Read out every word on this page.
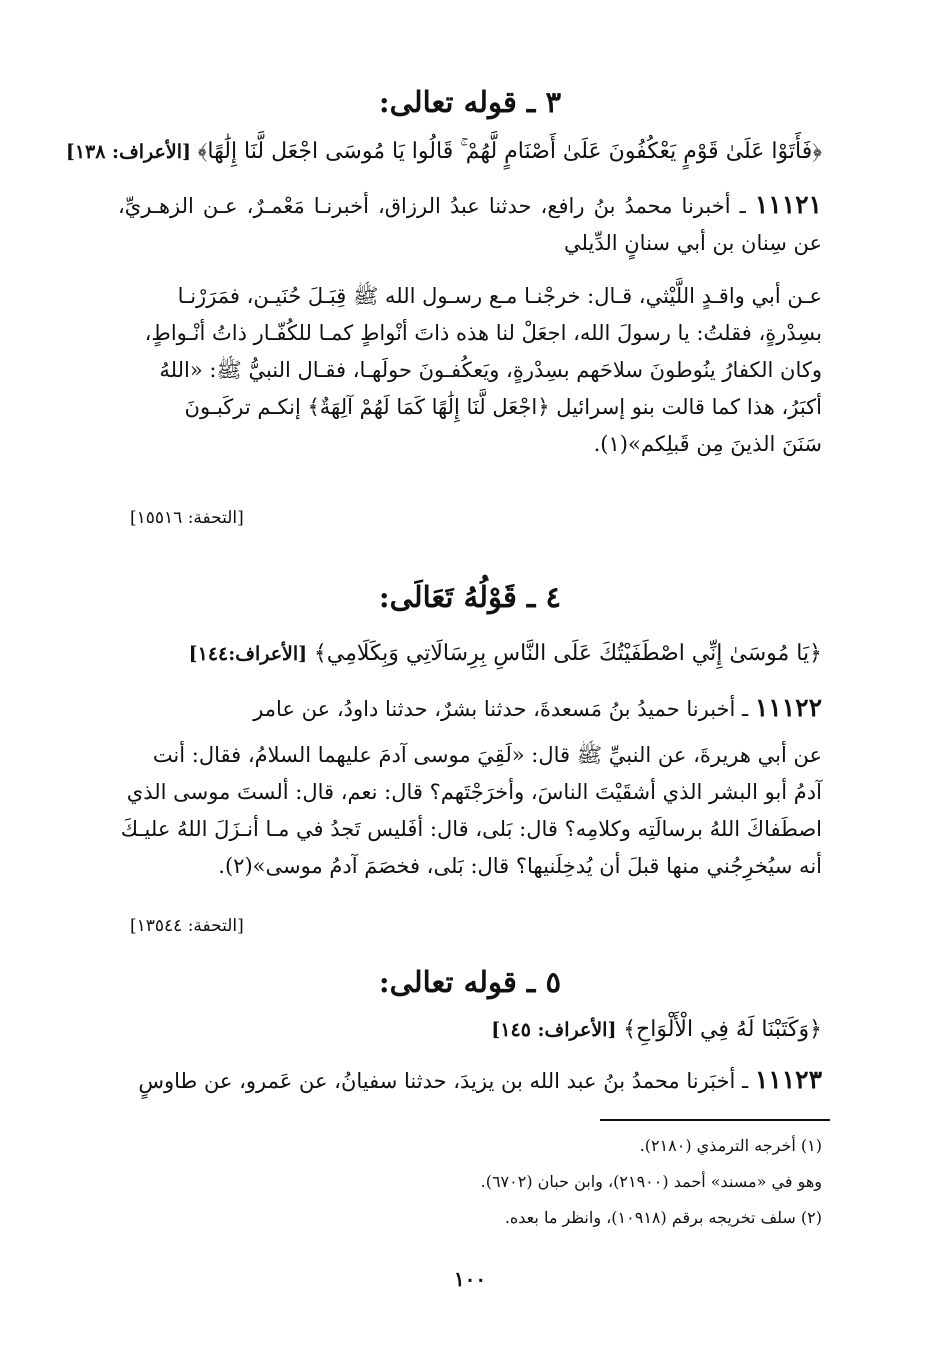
٣ ـ قوله تعالى:
﴿فَأَتَوْا عَلَىٰ قَوْمٍ يَعْكُفُونَ عَلَىٰ أَصْنَامٍ لَّهُمْ ۚ قَالُوا يَا مُوسَى اجْعَل لَّنَا إِلَٰهًا﴾ [الأعراف: ١٣٨]

١١١٢١ ـ أخبرنا محمدُ بنُ رافع، حدثنا عبدُ الرزاق، أخبرنـا مَعْمـرٌ، عـن الزهـريِّ، عن سِنان بن أبي سنانٍ الدِّيلي

عـن أبي واقـدٍ اللَّيْثي، قـال: خرجْنـا مـع رسـول الله ﷺ قِبَـلَ حُنَيـن، فمَرَرْنـا

بسِدْرةٍ، فقلتُ: يا رسولَ الله، اجعَلْ لنا هذه ذاتَ أنْواطٍ كمـا للكُفّـار ذاتُ أنْـواطٍ،

وكان الكفارُ ينُوطونَ سلاحَهم بسِدْرةٍ، ويَعكُفـونَ حولَهـا، فقـال النبيُّ ﷺ: «اللهُ

أكبَرُ، هذا كما قالت بنو إسرائيل ﴿اجْعَل لَّنَا إِلَٰهًا كَمَا لَهُمْ آلِهَةٌ﴾ إنكـم تركَبـونَ

سَنَنَ الذينَ مِن قَبلِكم»(١).

[التحفة: ١٥٥١٦]
٤ ـ قَوْلُهُ تَعَالَى:
﴿يَا مُوسَىٰ إِنِّي اصْطَفَيْتُكَ عَلَى النَّاسِ بِرِسَالَاتِي وَبِكَلَامِي﴾ [الأعراف:١٤٤]

١١١٢٢ ـ أخبرنا حميدُ بنُ مَسعدةَ، حدثنا بشرٌ، حدثنا داودُ، عن عامر

عن أبي هريرةَ، عن النبيِّ ﷺ قال: «لَقِيَ موسى آدمَ عليهما السلامُ، فقال: أنت

آدمُ أبو البشر الذي أشقَيْتَ الناسَ، وأخرَجْتَهم؟ قال: نعم، قال: ألستَ موسى الذي

اصطَفاكَ اللهُ برسالَتِه وكلامِه؟ قال: بَلى، قال: أفَليس تَجدُ في مـا أنـزَلَ اللهُ عليـكَ

أنه سيُخرِجُني منها قبلَ أن يُدخِلَنيها؟ قال: بَلى، فخصَمَ آدمُ موسى»(٢).

[التحفة: ١٣٥٤٤]
٥ ـ قوله تعالى:
﴿وَكَتَبْنَا لَهُ فِي الْأَلْوَاحِ﴾ [الأعراف: ١٤٥]

١١١٢٣ ـ أخبَرنا محمدُ بنُ عبد الله بن يزيدَ، حدثنا سفيانُ، عن عَمرو، عن طاوسٍ

(١) أخرجه الترمذي (٢١٨٠).
وهو في «مسند» أحمد (٢١٩٠٠)، وابن حبان (٦٧٠٢).
(٢) سلف تخريجه برقم (١٠٩١٨)، وانظر ما بعده.
١٠٠
